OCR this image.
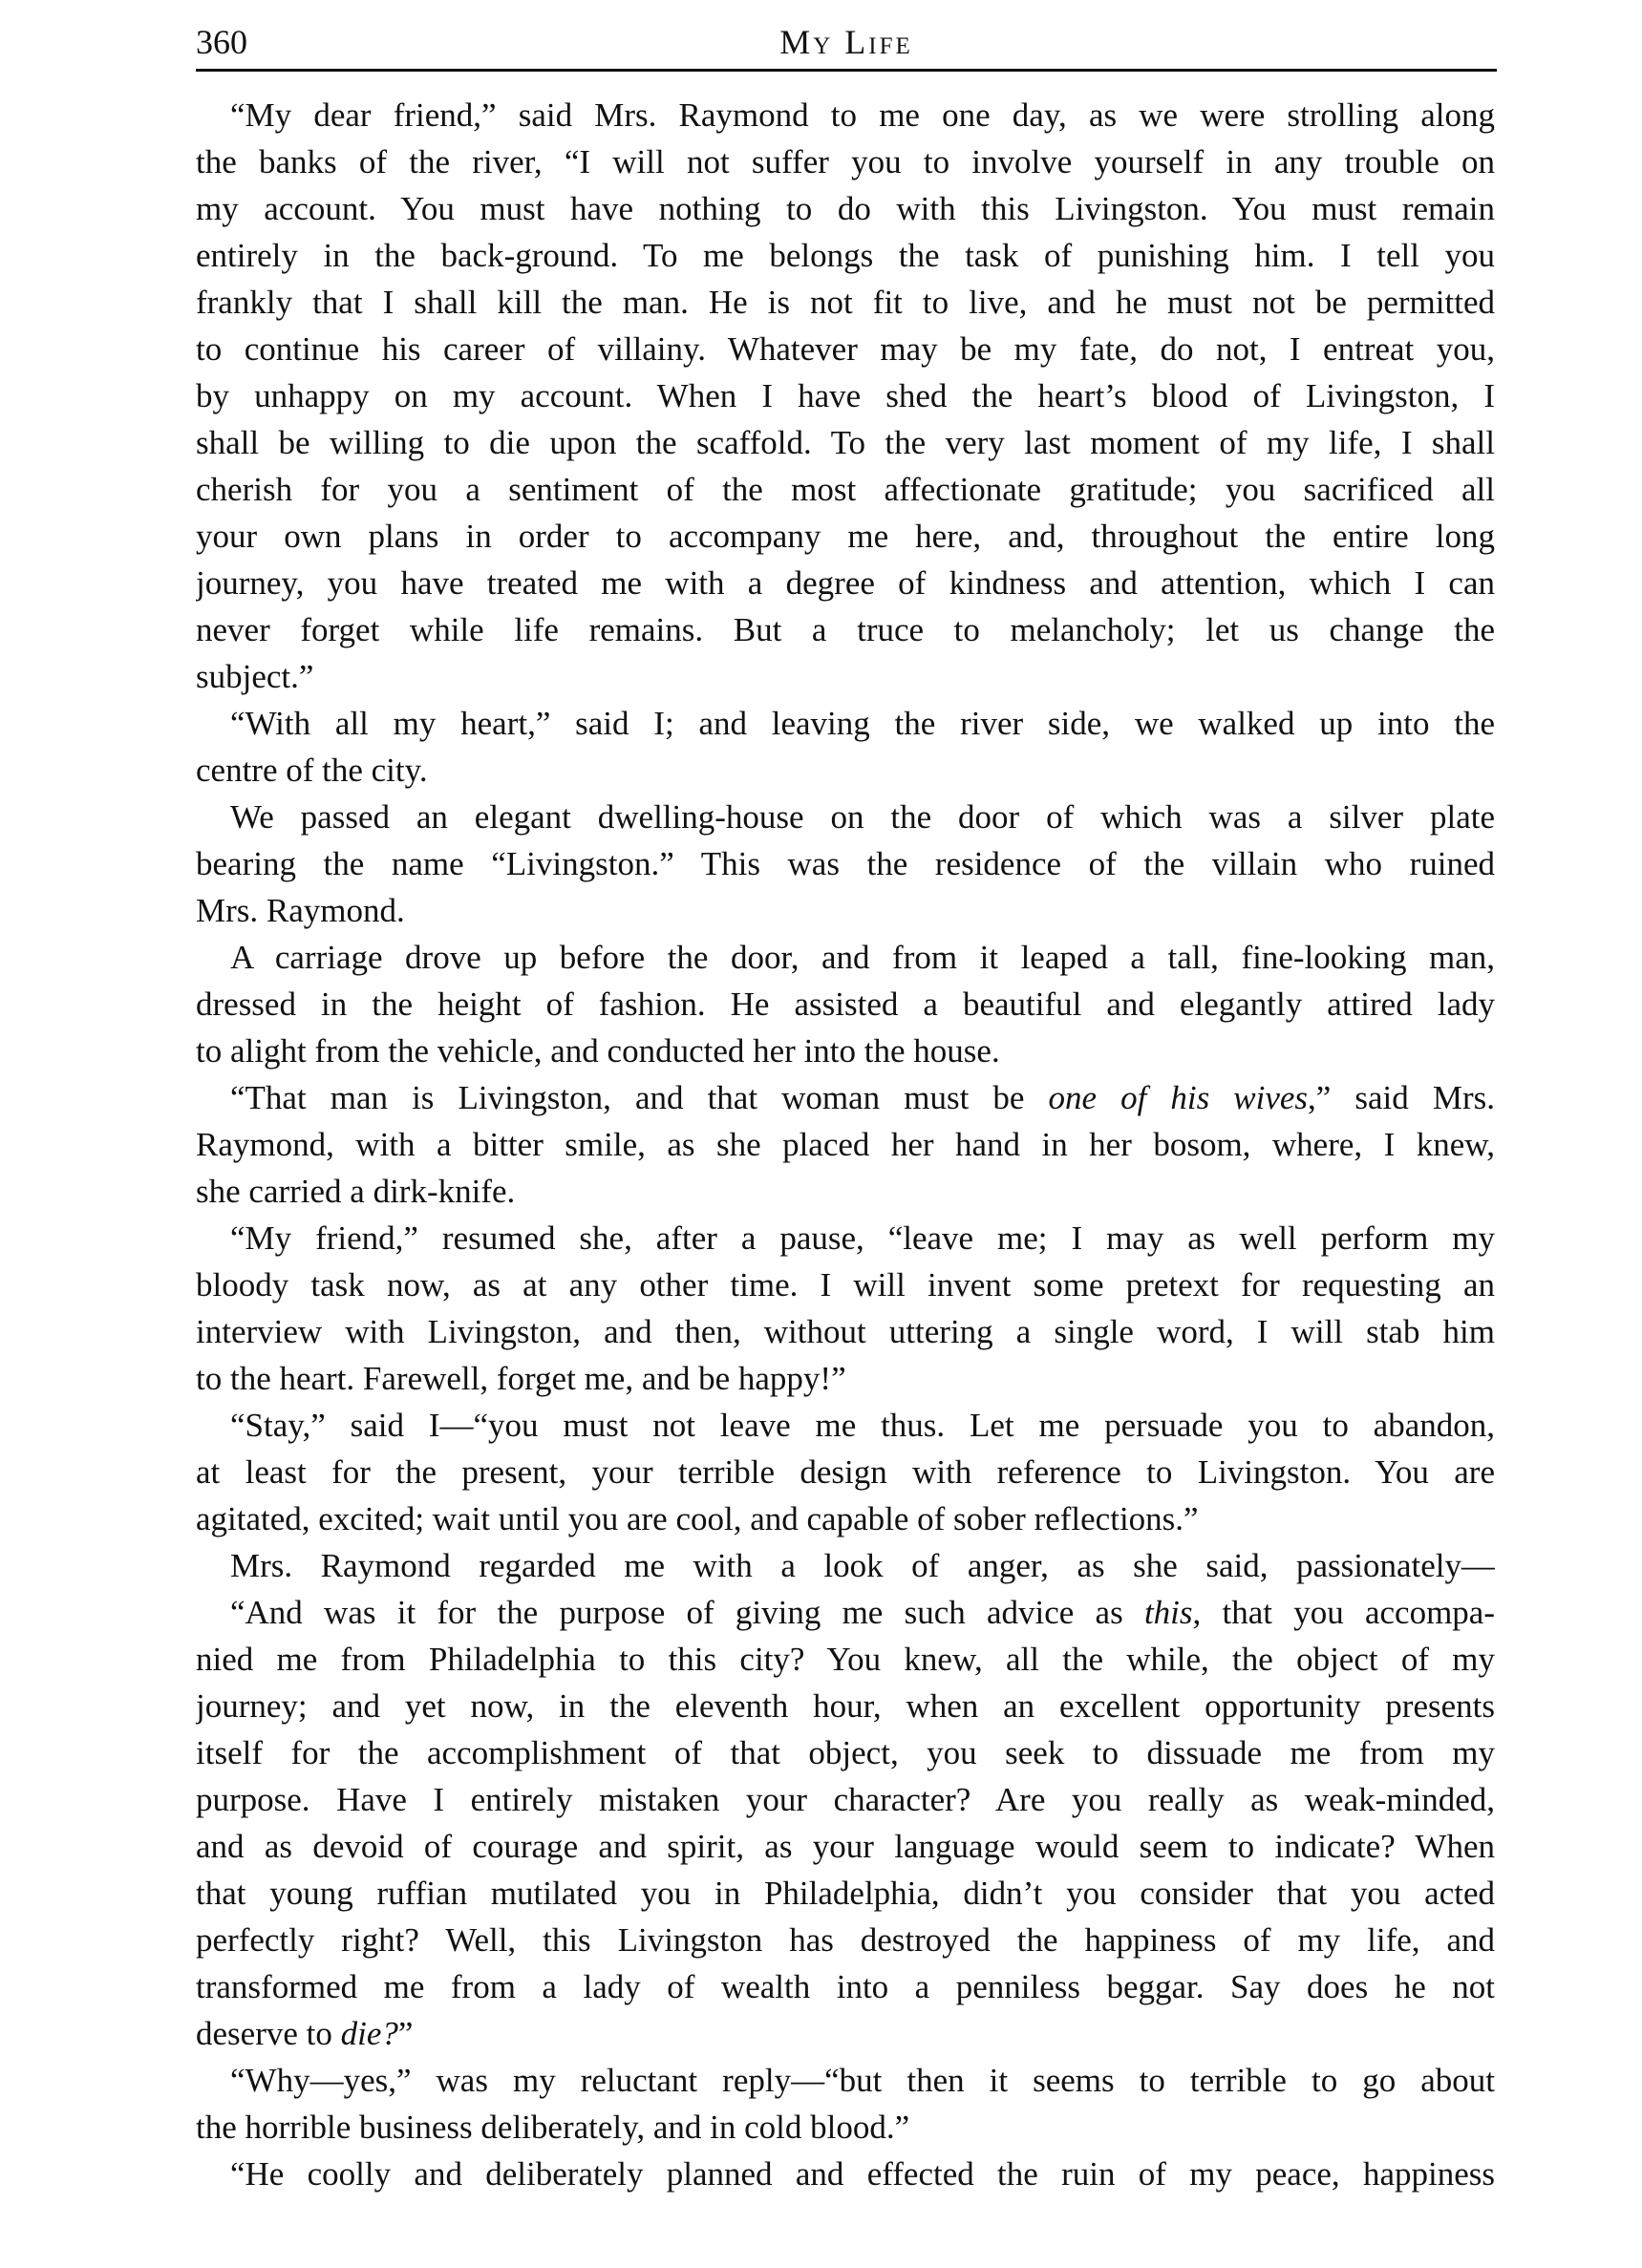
360	My Life
“My dear friend,” said Mrs. Raymond to me one day, as we were strolling along
the banks of the river, “I will not suffer you to involve yourself in any trouble on
my account. You must have nothing to do with this Livingston. You must remain
entirely in the back-ground. To me belongs the task of punishing him. I tell you
frankly that I shall kill the man. He is not fit to live, and he must not be permitted
to continue his career of villainy. Whatever may be my fate, do not, I entreat you,
by unhappy on my account. When I have shed the heart’s blood of Livingston, I
shall be willing to die upon the scaffold. To the very last moment of my life, I shall
cherish for you a sentiment of the most affectionate gratitude; you sacrificed all
your own plans in order to accompany me here, and, throughout the entire long
journey, you have treated me with a degree of kindness and attention, which I can
never forget while life remains. But a truce to melancholy; let us change the
subject.”
“With all my heart,” said I; and leaving the river side, we walked up into the
centre of the city.
We passed an elegant dwelling-house on the door of which was a silver plate
bearing the name “Livingston.” This was the residence of the villain who ruined
Mrs. Raymond.
A carriage drove up before the door, and from it leaped a tall, fine-looking man,
dressed in the height of fashion. He assisted a beautiful and elegantly attired lady
to alight from the vehicle, and conducted her into the house.
“That man is Livingston, and that woman must be one of his wives,” said Mrs.
Raymond, with a bitter smile, as she placed her hand in her bosom, where, I knew,
she carried a dirk-knife.
“My friend,” resumed she, after a pause, “leave me; I may as well perform my
bloody task now, as at any other time. I will invent some pretext for requesting an
interview with Livingston, and then, without uttering a single word, I will stab him
to the heart. Farewell, forget me, and be happy!”
“Stay,” said I—“you must not leave me thus. Let me persuade you to abandon,
at least for the present, your terrible design with reference to Livingston. You are
agitated, excited; wait until you are cool, and capable of sober reflections.”
Mrs. Raymond regarded me with a look of anger, as she said, passionately—
“And was it for the purpose of giving me such advice as this, that you accompa-
nied me from Philadelphia to this city? You knew, all the while, the object of my
journey; and yet now, in the eleventh hour, when an excellent opportunity presents
itself for the accomplishment of that object, you seek to dissuade me from my
purpose. Have I entirely mistaken your character? Are you really as weak-minded,
and as devoid of courage and spirit, as your language would seem to indicate? When
that young ruffian mutilated you in Philadelphia, didn’t you consider that you acted
perfectly right? Well, this Livingston has destroyed the happiness of my life, and
transformed me from a lady of wealth into a penniless beggar. Say does he not
deserve to die?”
“Why—yes,” was my reluctant reply—“but then it seems to terrible to go about
the horrible business deliberately, and in cold blood.”
“He coolly and deliberately planned and effected the ruin of my peace, happiness
